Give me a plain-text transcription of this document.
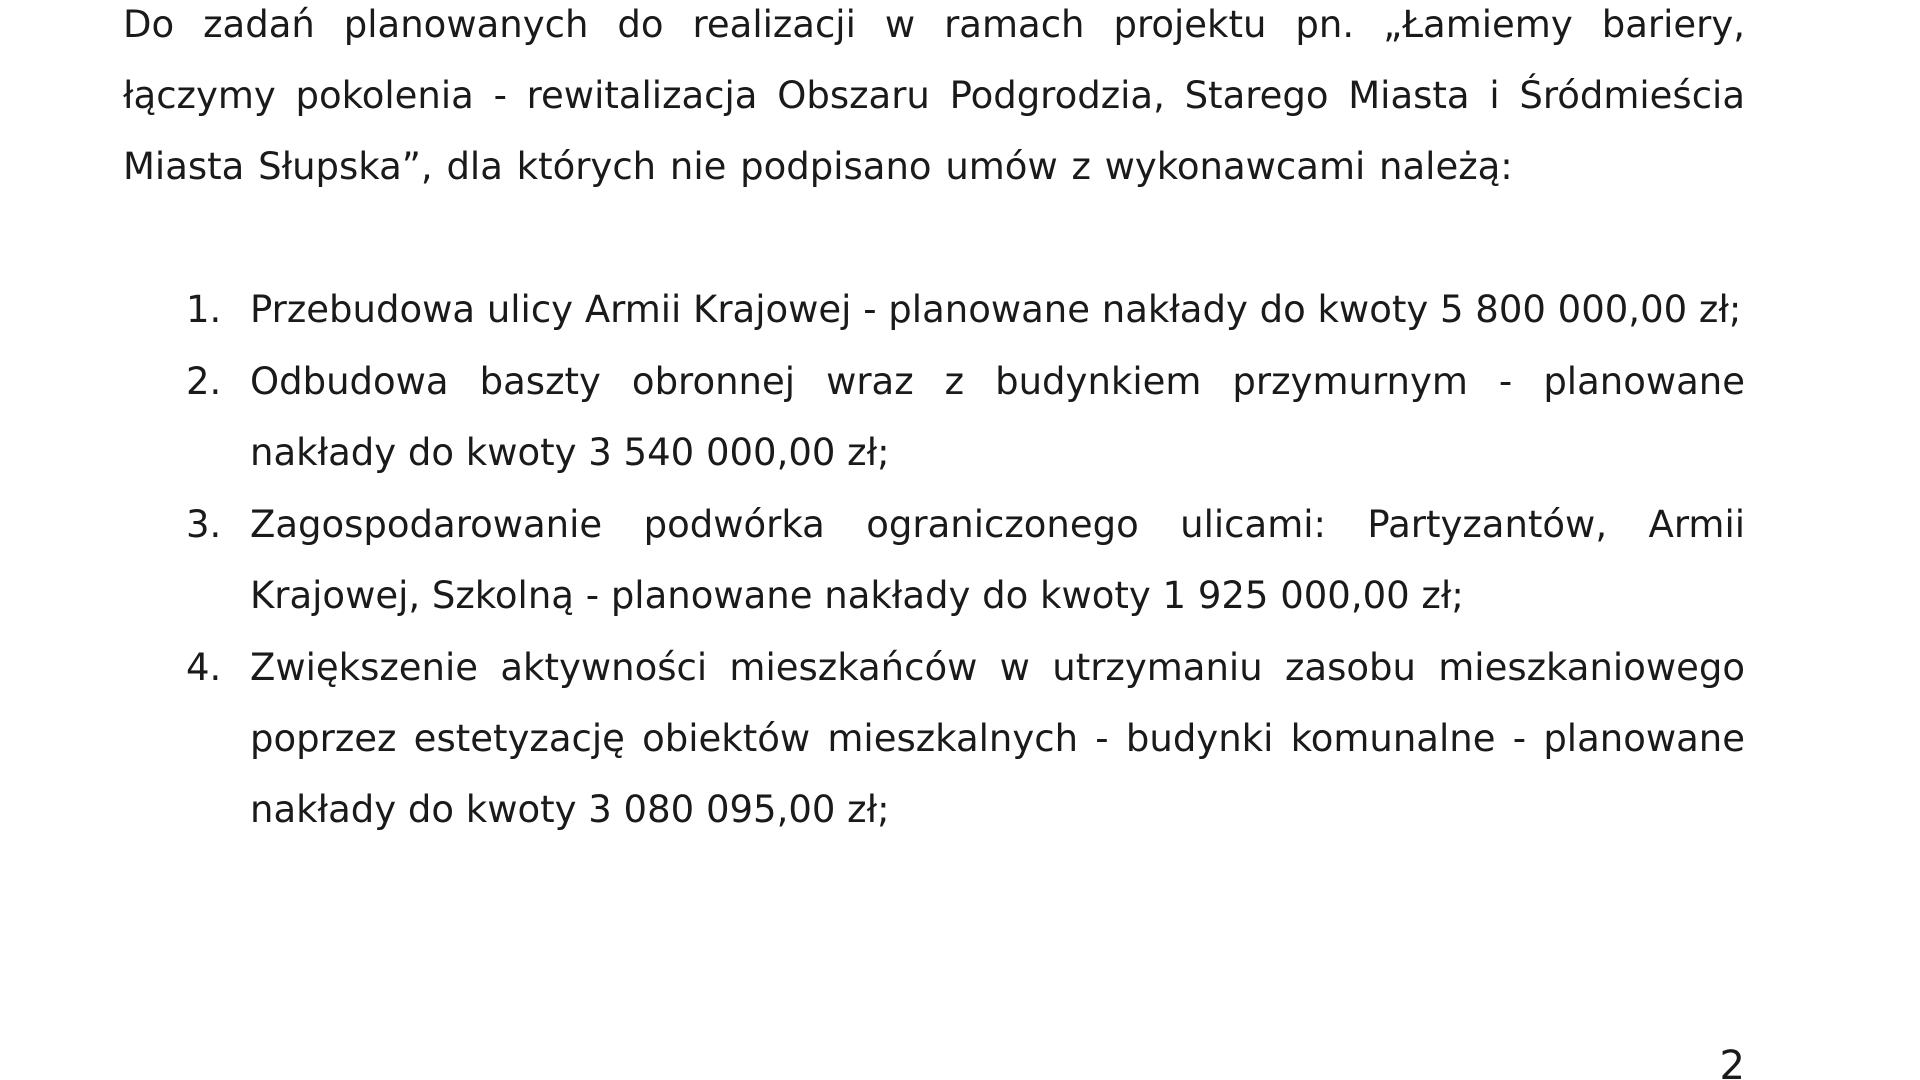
Do zadań planowanych do realizacji w ramach projektu pn. „Łamiemy bariery, łączymy pokolenia - rewitalizacja Obszaru Podgrodzia, Starego Miasta i Śródmieścia Miasta Słupska”, dla których nie podpisano umów z wykonawcami należą:

1. Przebudowa ulicy Armii Krajowej - planowane nakłady do kwoty 5 800 000,00 zł;
2. Odbudowa baszty obronnej wraz z budynkiem przymurnym - planowane nakłady do kwoty 3 540 000,00 zł;
3. Zagospodarowanie podwórka ograniczonego ulicami: Partyzantów, Armii Krajowej, Szkolną - planowane nakłady do kwoty 1 925 000,00 zł;
4. Zwiększenie aktywności mieszkańców w utrzymaniu zasobu mieszkaniowego poprzez estetyzację obiektów mieszkalnych - budynki komunalne - planowane nakłady do kwoty 3 080 095,00 zł;
2
